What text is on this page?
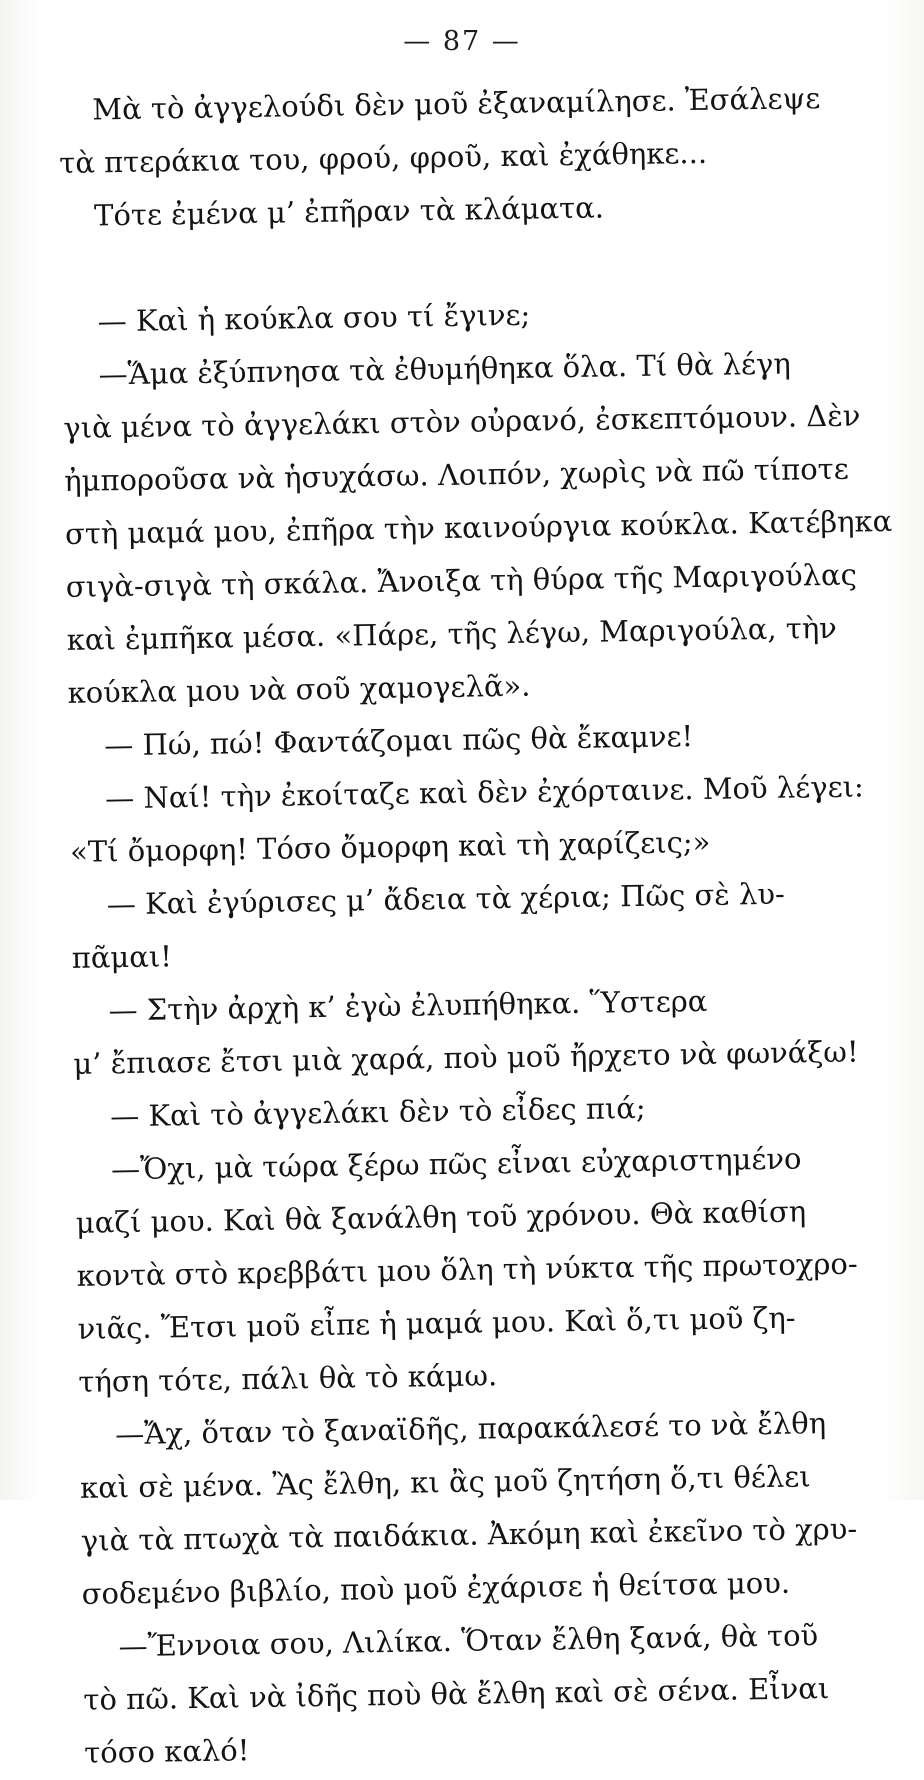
— 87 —
Μὰ τὸ ἀγγελούδι δὲν μοῦ ἐξαναμίλησε. Ἐσάλεψε
τὰ πτεράκια του, φρού, φροῦ, καὶ ἐχάθηκε...
Τότε ἐμένα μ’ ἐπῆραν τὰ κλάματα.
— Καὶ ἡ κούκλα σου τί ἔγινε;
—Ἅμα ἐξύπνησα τὰ ἐθυμήθηκα ὅλα. Τί θὰ λέγη
γιὰ μένα τὸ ἀγγελάκι στὸν οὐρανό, ἐσκεπτόμουν. Δὲν
ἠμποροῦσα νὰ ἡσυχάσω. Λοιπόν, χωρὶς νὰ πῶ τίποτε
στὴ μαμά μου, ἐπῆρα τὴν καινούργια κούκλα. Κατέβηκα
σιγὰ-σιγὰ τὴ σκάλα. Ἄνοιξα τὴ θύρα τῆς Μαριγούλας
καὶ ἐμπῆκα μέσα. «Πάρε, τῆς λέγω, Μαριγούλα, τὴν
κούκλα μου νὰ σοῦ χαμογελᾶ».
— Πώ, πώ! Φαντάζομαι πῶς θὰ ἔκαμνε!
— Ναί! τὴν ἐκοίταζε καὶ δὲν ἐχόρταινε. Μοῦ λέγει:
«Τί ὄμορφη! Τόσο ὄμορφη καὶ τὴ χαρίζεις;»
— Καὶ ἐγύρισες μ’ ἄδεια τὰ χέρια; Πῶς σὲ λυ-
πᾶμαι!
— Στὴν ἀρχὴ κ’ ἐγὼ ἐλυπήθηκα. Ὕστερα
μ’ ἔπιασε ἔτσι μιὰ χαρά, ποὺ μοῦ ἤρχετο νὰ φωνάξω!
— Καὶ τὸ ἀγγελάκι δὲν τὸ εἶδες πιά;
—Ὄχι, μὰ τώρα ξέρω πῶς εἶναι εὐχαριστημένο
μαζί μου. Καὶ θὰ ξανάλθη τοῦ χρόνου. Θὰ καθίση
κοντὰ στὸ κρεββάτι μου ὅλη τὴ νύκτα τῆς πρωτοχρο-
νιᾶς. Ἔτσι μοῦ εἶπε ἡ μαμά μου. Καὶ ὅ,τι μοῦ ζη-
τήση τότε, πάλι θὰ τὸ κάμω.
—Ἄχ, ὅταν τὸ ξαναϊδῆς, παρακάλεσέ το νὰ ἔλθη
καὶ σὲ μένα. Ἂς ἔλθη, κι ἂς μοῦ ζητήση ὅ,τι θέλει
γιὰ τὰ πτωχὰ τὰ παιδάκια. Ἀκόμη καὶ ἐκεῖνο τὸ χρυ-
σοδεμένο βιβλίο, ποὺ μοῦ ἐχάρισε ἡ θείτσα μου.
—Ἔννοια σου, Λιλίκα. Ὅταν ἔλθη ξανά, θὰ τοῦ
τὸ πῶ. Καὶ νὰ ἰδῆς ποὺ θὰ ἔλθη καὶ σὲ σένα. Εἶναι
τόσο καλό!
